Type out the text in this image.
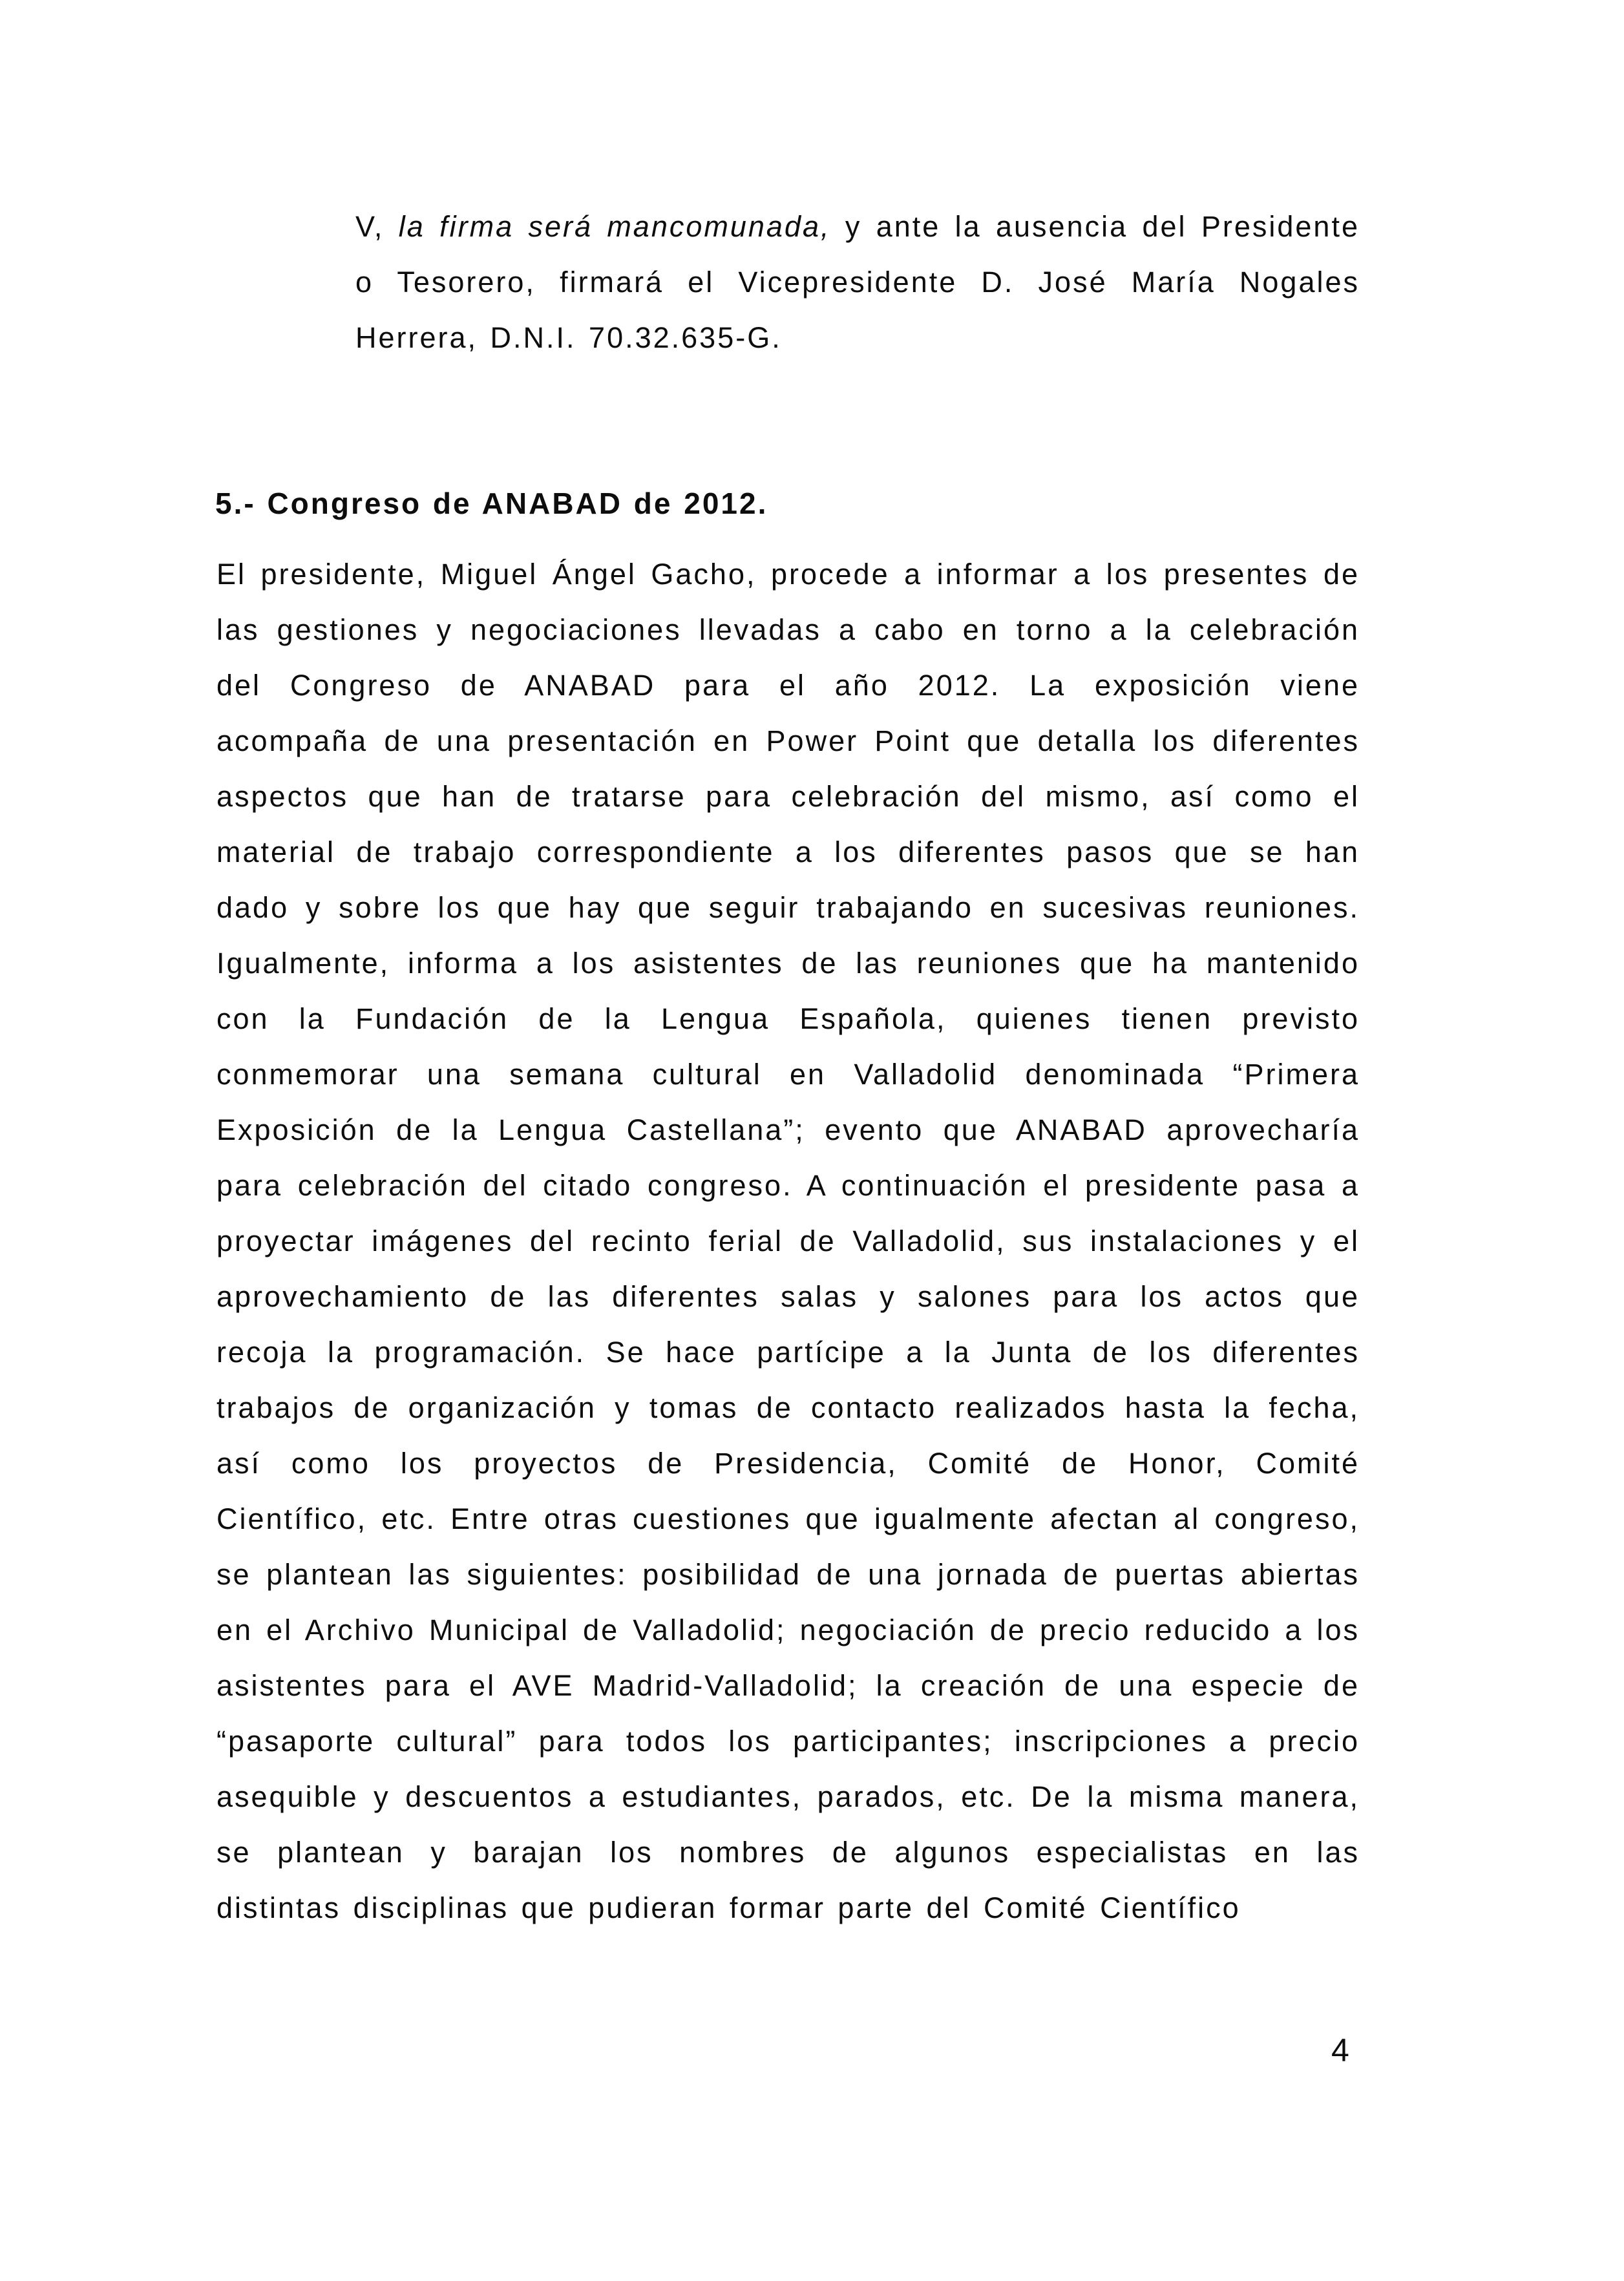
V, la firma será mancomunada, y ante la ausencia del Presidente o Tesorero, firmará el Vicepresidente D. José María Nogales Herrera, D.N.I. 70.32.635-G.

5.- Congreso de ANABAD de 2012.

El presidente, Miguel Ángel Gacho, procede a informar a los presentes de las gestiones y negociaciones llevadas a cabo en torno a la celebración del Congreso de ANABAD para el año 2012. La exposición viene acompaña de una presentación en Power Point que detalla los diferentes aspectos que han de tratarse para celebración del mismo, así como el material de trabajo correspondiente a los diferentes pasos que se han dado y sobre los que hay que seguir trabajando en sucesivas reuniones. Igualmente, informa a los asistentes de las reuniones que ha mantenido con la Fundación de la Lengua Española, quienes tienen previsto conmemorar una semana cultural en Valladolid denominada “Primera Exposición de la Lengua Castellana”; evento que ANABAD aprovecharía para celebración del citado congreso. A continuación el presidente pasa a proyectar imágenes del recinto ferial de Valladolid, sus instalaciones y el aprovechamiento de las diferentes salas y salones para los actos que recoja la programación. Se hace partícipe a la Junta de los diferentes trabajos de organización y tomas de contacto realizados hasta la fecha, así como los proyectos de Presidencia, Comité de Honor, Comité Científico, etc. Entre otras cuestiones que igualmente afectan al congreso, se plantean las siguientes: posibilidad de una jornada de puertas abiertas en el Archivo Municipal de Valladolid; negociación de precio reducido a los asistentes para el AVE Madrid-Valladolid; la creación de una especie de “pasaporte cultural” para todos los participantes; inscripciones a precio asequible y descuentos a estudiantes, parados, etc. De la misma manera, se plantean y barajan los nombres de algunos especialistas en las distintas disciplinas que pudieran formar parte del Comité Científico

4
